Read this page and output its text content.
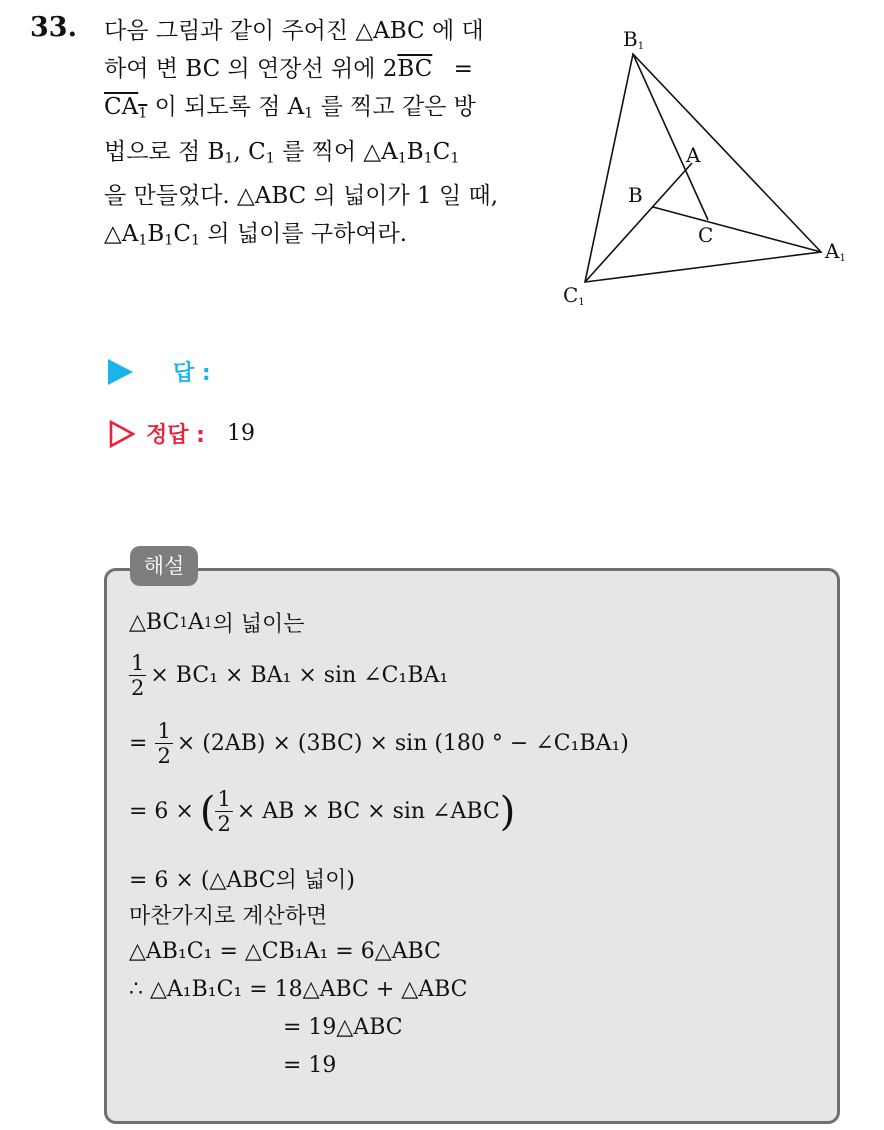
33. 다음 그림과 같이 주어진 △ABC 에 대
하여 변 BC 의 연장선 위에 $2\overline{BC}$ =
$CA_1$ 이 되도록 점 $A_1$ 를 찍고 같은 방
법으로 점 $B_1$, $C_1$ 를 찍어 $\triangle A_1B_1C_1$
을 만들었다. △ABC 의 넓이가 1 일 때,
$\triangle A_1B_1C_1$ 의 넓이를 구하여라.
B1
A
B
C
A1
C1
답 :
정답 : 19
△BC 1 A 1 의 넓이는
$\frac{1}{2} \times BC_1 \times BA_1 \times \sin$ ∠C₁BA₁
= $\frac{1}{2} \times (2AB) \times (3BC) \times \sin (180$ ° − ∠C₁BA₁)
= 6 × ( $\frac{1}{2}$ × AB × BC × sin ∠ABC )
= 6 × (△ABC의 넓이)
마찬가지로 계산하면
△AB₁C₁ = △CB₁A₁ = 6△ABC
∴ △A₁B₁C₁ = 18△ABC + △ABC
= 19△ABC
= 19
해설
